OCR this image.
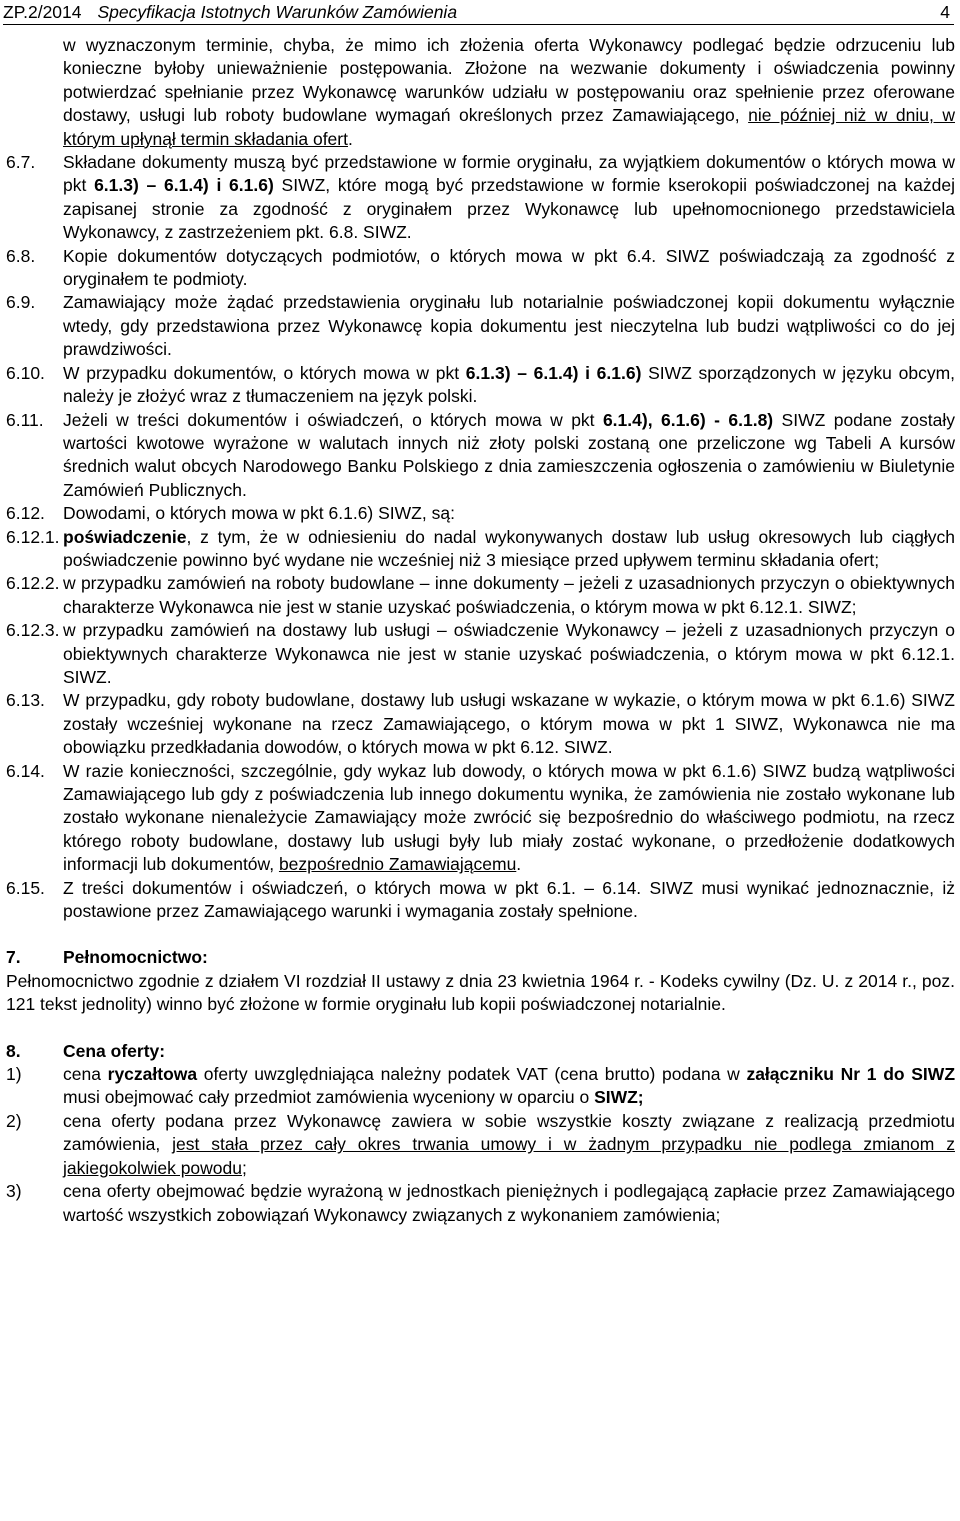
ZP.2/2014 Specyfikacja Istotnych Warunków Zamówienia	4
w wyznaczonym terminie, chyba, że mimo ich złożenia oferta Wykonawcy podlegać będzie odrzuceniu lub konieczne byłoby unieważnienie postępowania. Złożone na wezwanie dokumenty i oświadczenia powinny potwierdzać spełnianie przez Wykonawcę warunków udziału w postępowaniu oraz spełnienie przez oferowane dostawy, usługi lub roboty budowlane wymagań określonych przez Zamawiającego, nie później niż w dniu, w którym upłynął termin składania ofert.
6.7.	Składane dokumenty muszą być przedstawione w formie oryginału, za wyjątkiem dokumentów o których mowa w pkt 6.1.3) – 6.1.4) i 6.1.6) SIWZ, które mogą być przedstawione w formie kserokopii poświadczonej na każdej zapisanej stronie za zgodność z oryginałem przez Wykonawcę lub upełnomocnionego przedstawiciela Wykonawcy, z zastrzeżeniem pkt. 6.8. SIWZ.
6.8.	Kopie dokumentów dotyczących podmiotów, o których mowa w pkt 6.4. SIWZ poświadczają za zgodność z oryginałem te podmioty.
6.9.	Zamawiający może żądać przedstawienia oryginału lub notarialnie poświadczonej kopii dokumentu wyłącznie wtedy, gdy przedstawiona przez Wykonawcę kopia dokumentu jest nieczytelna lub budzi wątpliwości co do jej prawdziwości.
6.10.	W przypadku dokumentów, o których mowa w pkt 6.1.3) – 6.1.4) i 6.1.6) SIWZ sporządzonych w języku obcym, należy je złożyć wraz z tłumaczeniem na język polski.
6.11.	Jeżeli w treści dokumentów i oświadczeń, o których mowa w pkt 6.1.4), 6.1.6) - 6.1.8) SIWZ podane zostały wartości kwotowe wyrażone w walutach innych niż złoty polski zostaną one przeliczone wg Tabeli A kursów średnich walut obcych Narodowego Banku Polskiego z dnia zamieszczenia ogłoszenia o zamówieniu w Biuletynie Zamówień Publicznych.
6.12.	Dowodami, o których mowa w pkt 6.1.6) SIWZ, są:
6.12.1. poświadczenie, z tym, że w odniesieniu do nadal wykonywanych dostaw lub usług okresowych lub ciągłych poświadczenie powinno być wydane nie wcześniej niż 3 miesiące przed upływem terminu składania ofert;
6.12.2. w przypadku zamówień na roboty budowlane – inne dokumenty – jeżeli z uzasadnionych przyczyn o obiektywnych charakterze Wykonawca nie jest w stanie uzyskać poświadczenia, o którym mowa w pkt 6.12.1. SIWZ;
6.12.3. w przypadku zamówień na dostawy lub usługi – oświadczenie Wykonawcy – jeżeli z uzasadnionych przyczyn o obiektywnych charakterze Wykonawca nie jest w stanie uzyskać poświadczenia, o którym mowa w pkt 6.12.1. SIWZ.
6.13.	W przypadku, gdy roboty budowlane, dostawy lub usługi wskazane w wykazie, o którym mowa w pkt 6.1.6) SIWZ zostały wcześniej wykonane na rzecz Zamawiającego, o którym mowa w pkt 1 SIWZ, Wykonawca nie ma obowiązku przedkładania dowodów, o których mowa w pkt 6.12. SIWZ.
6.14.	W razie konieczności, szczególnie, gdy wykaz lub dowody, o których mowa w pkt 6.1.6) SIWZ budzą wątpliwości Zamawiającego lub gdy z poświadczenia lub innego dokumentu wynika, że zamówienia nie zostało wykonane lub zostało wykonane nienależycie Zamawiający może zwrócić się bezpośrednio do właściwego podmiotu, na rzecz którego roboty budowlane, dostawy lub usługi były lub miały zostać wykonane, o przedłożenie dodatkowych informacji lub dokumentów, bezpośrednio Zamawiającemu.
6.15.	Z treści dokumentów i oświadczeń, o których mowa w pkt 6.1. – 6.14. SIWZ musi wynikać jednoznacznie, iż postawione przez Zamawiającego warunki i wymagania zostały spełnione.
7.	Pełnomocnictwo:
Pełnomocnictwo zgodnie z działem VI rozdział II ustawy z dnia 23 kwietnia 1964 r. - Kodeks cywilny (Dz. U. z 2014 r., poz. 121 tekst jednolity) winno być złożone w formie oryginału lub kopii poświadczonej notarialnie.
8.	Cena oferty:
1)	cena ryczałtowa oferty uwzględniająca należny podatek VAT (cena brutto) podana w załączniku Nr 1 do SIWZ musi obejmować cały przedmiot zamówienia wyceniony w oparciu o SIWZ;
2)	cena oferty podana przez Wykonawcę zawiera w sobie wszystkie koszty związane z realizacją przedmiotu zamówienia, jest stała przez cały okres trwania umowy i w żadnym przypadku nie podlega zmianom z jakiegokolwiek powodu;
3)	cena oferty obejmować będzie wyrażoną w jednostkach pieniężnych i podlegającą zapłacie przez Zamawiającego wartość wszystkich zobowiązań Wykonawcy związanych z wykonaniem zamówienia;
